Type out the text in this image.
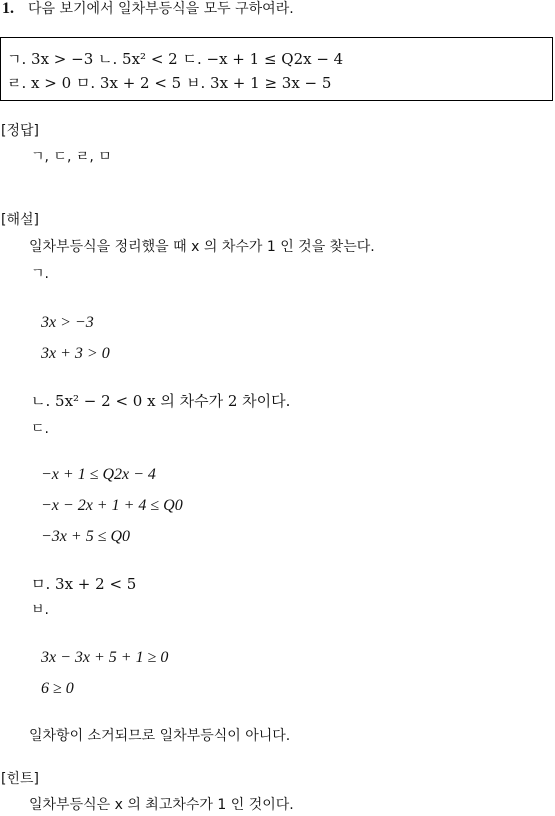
1. 다음 보기에서 일차부등식을 모두 구하여라.
ㄱ. 3x > −3 ㄴ. 5x² < 2 ㄷ. −x + 1 ≤ Q2x − 4
ㄹ. x > 0 ㅁ. 3x + 2 < 5 ㅂ. 3x + 1 ≥ 3x − 5
[정답]
ㄱ, ㄷ, ㄹ, ㅁ
[해설]
일차부등식을 정리했을 때 x 의 차수가 1 인 것을 찾는다.
ㄱ.
3x > −3
3x + 3 > 0
ㄴ. 5x² − 2 < 0 x 의 차수가 2 차이다.
ㄷ.
−x + 1 ≤ Q2x − 4
−x − 2x + 1 + 4 ≤ Q0
−3x + 5 ≤ Q0
ㅁ. 3x + 2 < 5
ㅂ.
3x − 3x + 5 + 1 ≥ 0
6 ≥ 0
일차항이 소거되므로 일차부등식이 아니다.
[힌트]
일차부등식은 x 의 최고차수가 1 인 것이다.
